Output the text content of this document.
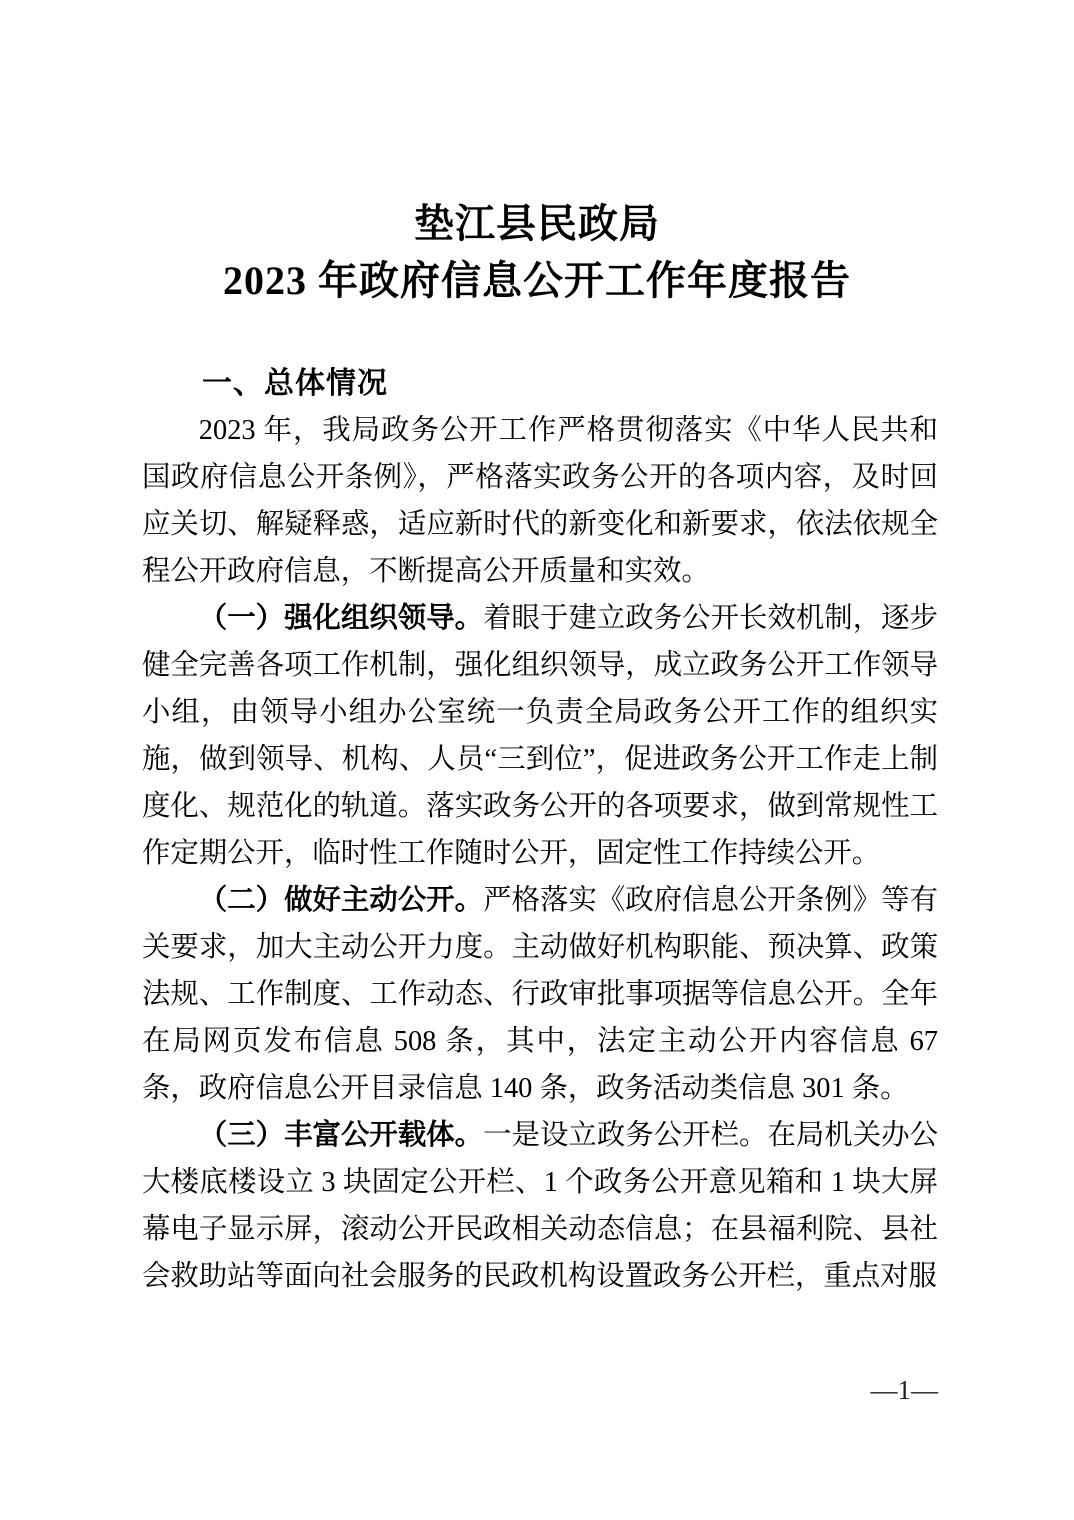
垫江县民政局
2023 年政府信息公开工作年度报告
一、总体情况

2023 年，我局政务公开工作严格贯彻落实《中华人民共和国政府信息公开条例》，严格落实政务公开的各项内容，及时回应关切、解疑释惑，适应新时代的新变化和新要求，依法依规全程公开政府信息，不断提高公开质量和实效。

（一）强化组织领导。着眼于建立政务公开长效机制，逐步健全完善各项工作机制，强化组织领导，成立政务公开工作领导小组，由领导小组办公室统一负责全局政务公开工作的组织实施，做到领导、机构、人员“三到位”，促进政务公开工作走上制度化、规范化的轨道。落实政务公开的各项要求，做到常规性工作定期公开，临时性工作随时公开，固定性工作持续公开。

（二）做好主动公开。严格落实《政府信息公开条例》等有关要求，加大主动公开力度。主动做好机构职能、预决算、政策法规、工作制度、工作动态、行政审批事项据等信息公开。全年在局网页发布信息 508 条，其中，法定主动公开内容信息 67 条，政府信息公开目录信息 140 条，政务活动类信息 301 条。

（三）丰富公开载体。一是设立政务公开栏。在局机关办公大楼底楼设立 3 块固定公开栏、1 个政务公开意见箱和 1 块大屏幕电子显示屏，滚动公开民政相关动态信息；在县福利院、县社会救助站等面向社会服务的民政机构设置政务公开栏，重点对服

—1—
